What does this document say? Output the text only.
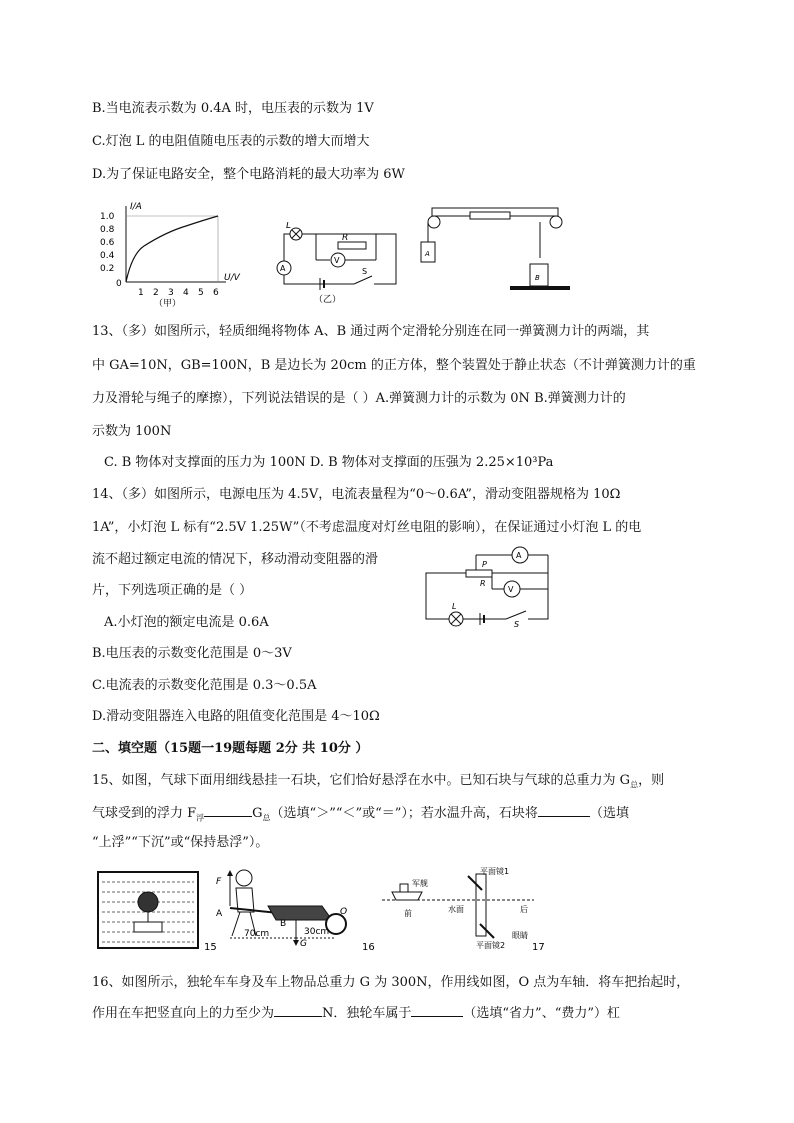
B.当电流表示数为 0.4A 时，电压表的示数为 1V
C.灯泡 L 的电阻值随电压表的示数的增大而增大
D.为了保证电路安全，整个电路消耗的最大功率为 6W
I/A
1.0
0.8
0.6
0.4
0.2
0
1 2 3 4 5 6
U/V
（甲）
L
R
V
A	S
（乙）
A
B
13、（多）如图所示，轻质细绳将物体 A、B 通过两个定滑轮分别连在同一弹簧测力计的两端，其
中 GA=10N，GB=100N，B 是边长为 20cm 的正方体，整个装置处于静止状态（不计弹簧测力计的重
力及滑轮与绳子的摩擦），下列说法错误的是（ ）A.弹簧测力计的示数为 0N B.弹簧测力计的
示数为 100N
C. B 物体对支撑面的压力为 100N D. B 物体对支撑面的压强为 2.25×10³Pa
14、（多）如图所示，电源电压为 4.5V，电流表量程为“0～0.6A”，滑动变阻器规格为 10Ω
1A”，小灯泡 L 标有“2.5V 1.25W”（不考虑温度对灯丝电阻的影响），在保证通过小灯泡 L 的电
流不超过额定电流的情况下，移动滑动变阻器的滑
片，下列选项正确的是（ ）
A.小灯泡的额定电流是 0.6A
B.电压表的示数变化范围是 0～3V
C.电流表的示数变化范围是 0.3～0.5A
D.滑动变阻器连入电路的阻值变化范围是 4～10Ω
A
P
R
V
L
S
二、填空题（15题一19题每题 2分 共 10分 ）
15、如图，气球下面用细线悬挂一石块，它们恰好悬浮在水中。已知石块与气球的总重力为 $G_总$，则
气球受到的浮力 $F_浮$	$G_总$（选填“＞”“＜”或“＝”）；若水温升高，石块将	（选填
“上浮”“下沉”或“保持悬浮”）。
15
F
A
B
O
G
70cm	30cm
16
军舰
前	水面
平面镜1
平面镜2
后
眼睛
17
16、如图所示，独轮车车身及车上物品总重力 G 为 300N，作用线如图，O 点为车轴．将车把抬起时，
作用在车把竖直向上的力至少为	N．独轮车属于	（选填“省力”、“费力”）杠
